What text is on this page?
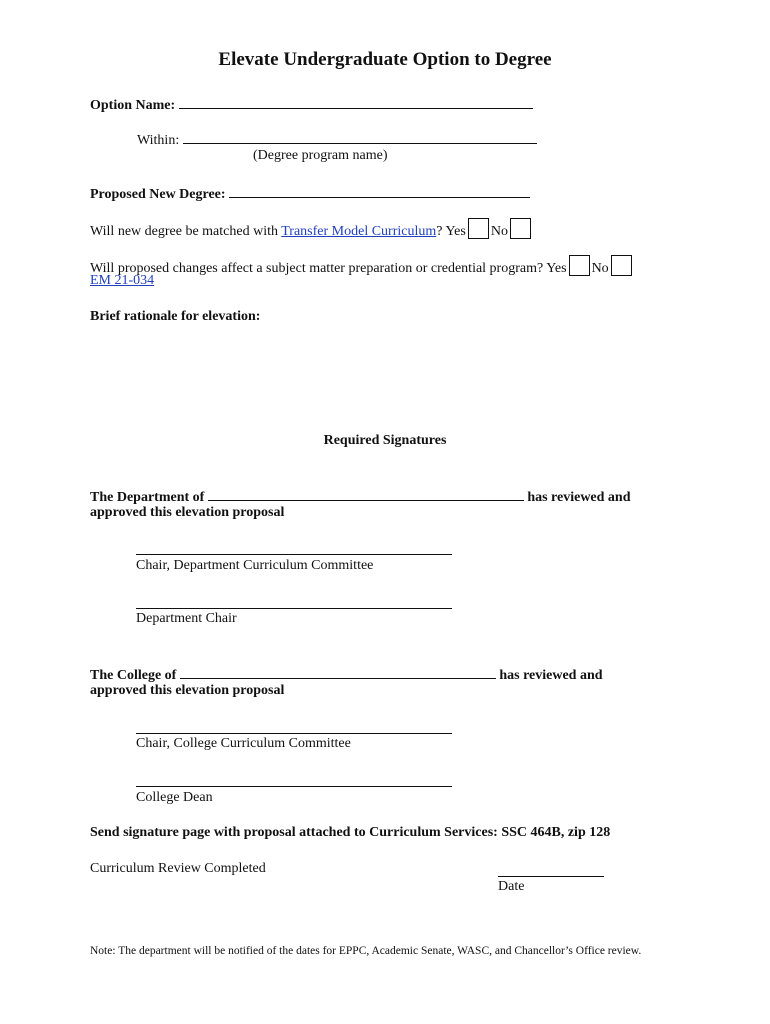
Elevate Undergraduate Option to Degree
Option Name:
Within:
(Degree program name)
Proposed New Degree:
Will new degree be matched with Transfer Model Curriculum? Yes No
Will proposed changes affect a subject matter preparation or credential program? Yes No
EM 21-034
Brief rationale for elevation:
Required Signatures
The Department of	has reviewed and
approved this elevation proposal
Chair, Department Curriculum Committee
Department Chair
The College of	has reviewed and
approved this elevation proposal
Chair, College Curriculum Committee
College Dean
Send signature page with proposal attached to Curriculum Services: SSC 464B, zip 128
Curriculum Review Completed
Date
Note: The department will be notified of the dates for EPPC, Academic Senate, WASC, and Chancellor’s Office review.
